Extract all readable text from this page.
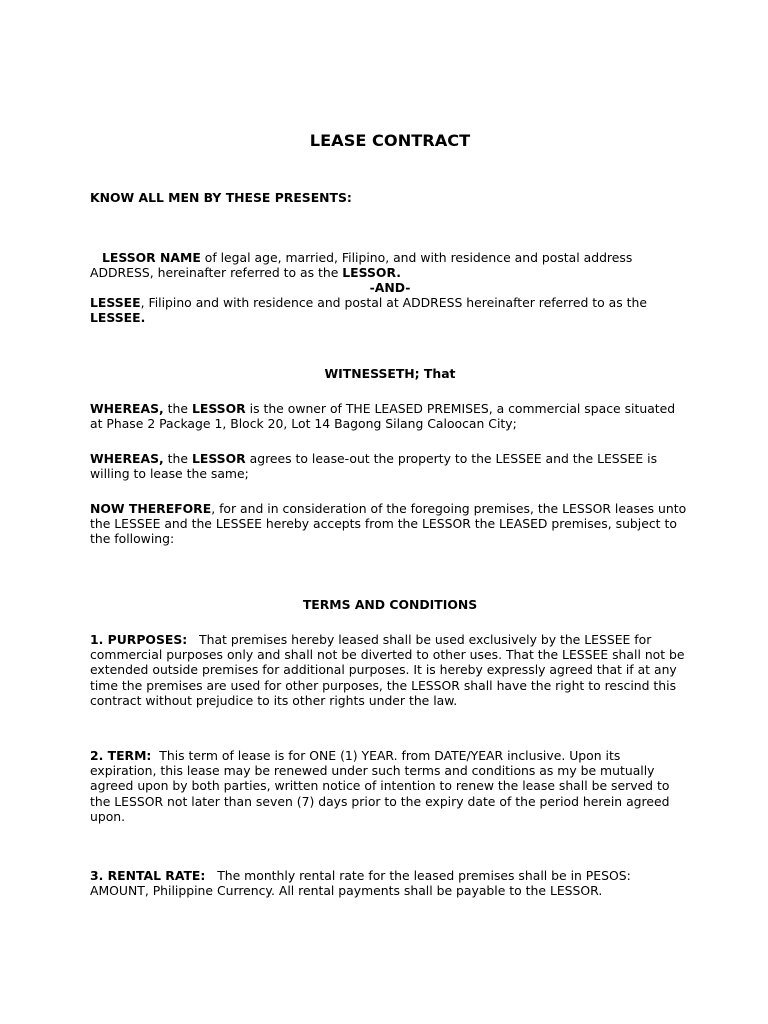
LEASE CONTRACT

KNOW ALL MEN BY THESE PRESENTS:

LESSOR NAME of legal age, married, Filipino, and with residence and postal address ADDRESS, hereinafter referred to as the LESSOR.

-AND-

LESSEE, Filipino and with residence and postal at ADDRESS hereinafter referred to as the LESSEE.

WITNESSETH; That

WHEREAS, the LESSOR is the owner of THE LEASED PREMISES, a commercial space situated at Phase 2 Package 1, Block 20, Lot 14 Bagong Silang Caloocan City;

WHEREAS, the LESSOR agrees to lease-out the property to the LESSEE and the LESSEE is willing to lease the same;

NOW THEREFORE, for and in consideration of the foregoing premises, the LESSOR leases unto the LESSEE and the LESSEE hereby accepts from the LESSOR the LEASED premises, subject to the following:

TERMS AND CONDITIONS

1. PURPOSES: That premises hereby leased shall be used exclusively by the LESSEE for commercial purposes only and shall not be diverted to other uses. That the LESSEE shall not be extended outside premises for additional purposes. It is hereby expressly agreed that if at any time the premises are used for other purposes, the LESSOR shall have the right to rescind this contract without prejudice to its other rights under the law.

2. TERM: This term of lease is for ONE (1) YEAR. from DATE/YEAR inclusive. Upon its expiration, this lease may be renewed under such terms and conditions as my be mutually agreed upon by both parties, written notice of intention to renew the lease shall be served to the LESSOR not later than seven (7) days prior to the expiry date of the period herein agreed upon.

3. RENTAL RATE: The monthly rental rate for the leased premises shall be in PESOS: AMOUNT, Philippine Currency. All rental payments shall be payable to the LESSOR.
